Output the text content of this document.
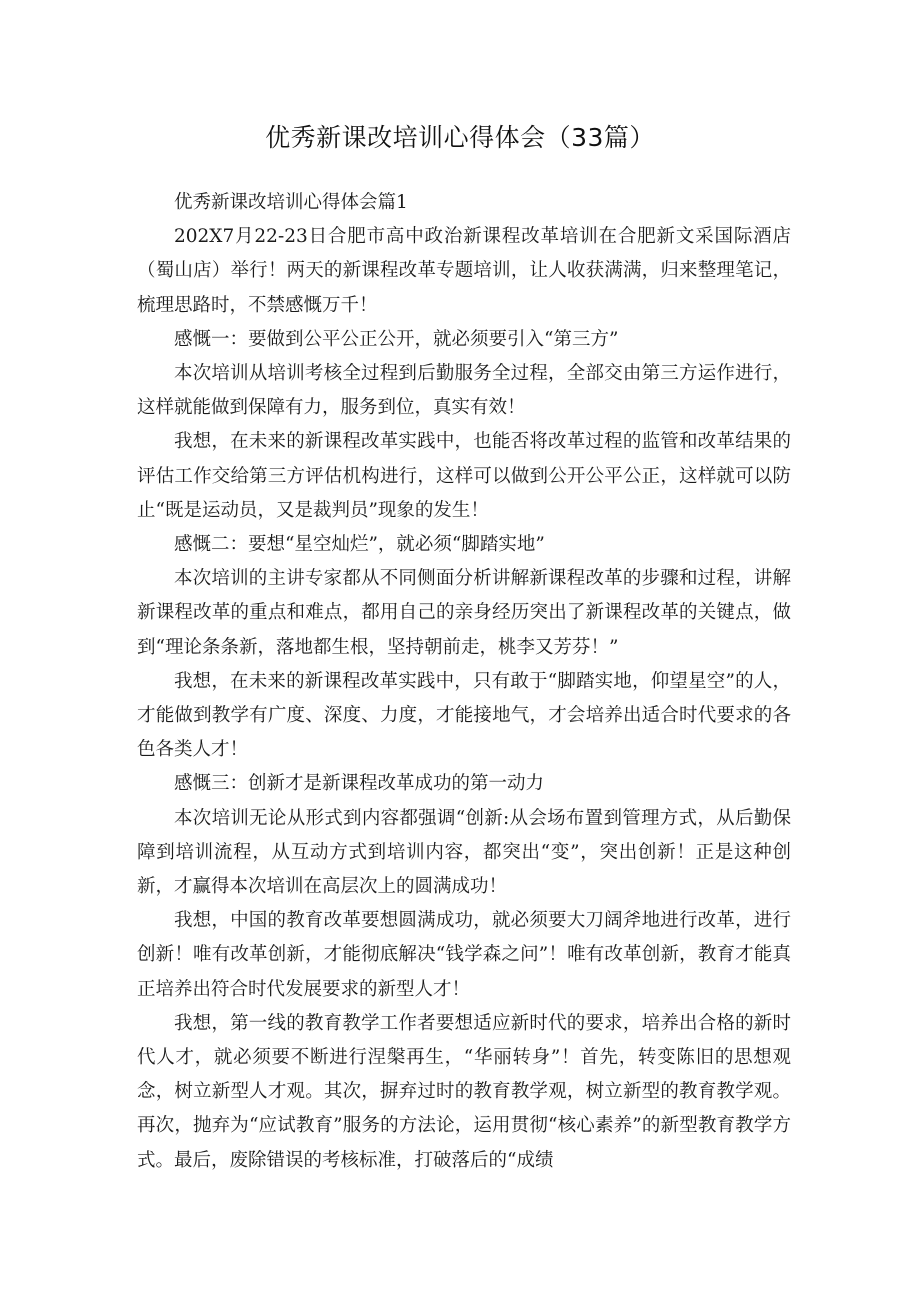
优秀新课改培训心得体会（33篇）

优秀新课改培训心得体会篇1

202X7月22-23日合肥市高中政治新课程改革培训在合肥新文采国际酒店（蜀山店）举行！两天的新课程改革专题培训，让人收获满满，归来整理笔记，梳理思路时，不禁感慨万千！

感慨一：要做到公平公正公开，就必须要引入“第三方”

本次培训从培训考核全过程到后勤服务全过程，全部交由第三方运作进行，这样就能做到保障有力，服务到位，真实有效！

我想，在未来的新课程改革实践中，也能否将改革过程的监管和改革结果的评估工作交给第三方评估机构进行，这样可以做到公开公平公正，这样就可以防止“既是运动员，又是裁判员”现象的发生！

感慨二：要想“星空灿烂”，就必须“脚踏实地”

本次培训的主讲专家都从不同侧面分析讲解新课程改革的步骤和过程，讲解新课程改革的重点和难点，都用自己的亲身经历突出了新课程改革的关键点，做到“理论条条新，落地都生根，坚持朝前走，桃李又芳芬！”

我想，在未来的新课程改革实践中，只有敢于“脚踏实地，仰望星空”的人，才能做到教学有广度、深度、力度，才能接地气，才会培养出适合时代要求的各色各类人才！

感慨三：创新才是新课程改革成功的第一动力

本次培训无论从形式到内容都强调“创新:从会场布置到管理方式，从后勤保障到培训流程，从互动方式到培训内容，都突出“变”，突出创新！正是这种创新，才赢得本次培训在高层次上的圆满成功！

我想，中国的教育改革要想圆满成功，就必须要大刀阔斧地进行改革，进行创新！唯有改革创新，才能彻底解决“钱学森之问”！唯有改革创新，教育才能真正培养出符合时代发展要求的新型人才！

我想，第一线的教育教学工作者要想适应新时代的要求，培养出合格的新时代人才，就必须要不断进行涅槃再生，“华丽转身”！首先，转变陈旧的思想观念，树立新型人才观。其次，摒弃过时的教育教学观，树立新型的教育教学观。再次，抛弃为“应试教育”服务的方法论，运用贯彻“核心素养”的新型教育教学方式。最后，废除错误的考核标准，打破落后的“成绩
